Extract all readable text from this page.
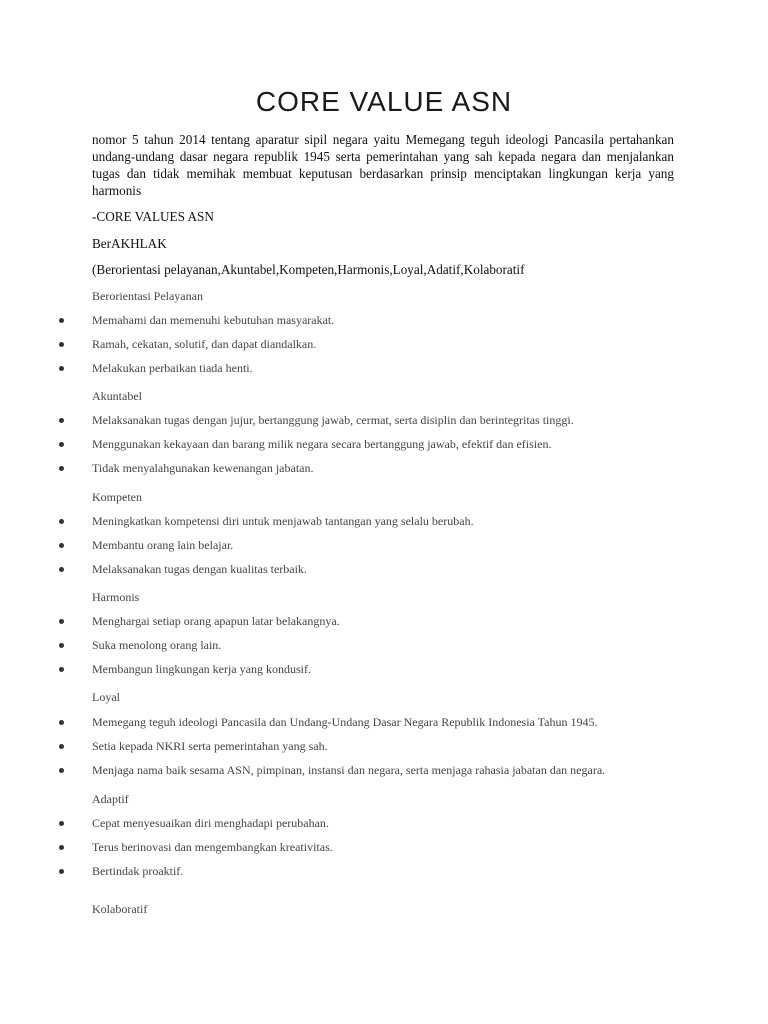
CORE VALUE ASN

nomor 5 tahun 2014 tentang aparatur sipil negara yaitu Memegang teguh ideologi Pancasila pertahankan undang-undang dasar negara republik 1945 serta pemerintahan yang sah kepada negara dan menjalankan tugas dan tidak memihak membuat keputusan berdasarkan prinsip menciptakan lingkungan kerja yang harmonis

-CORE VALUES ASN

BerAKHLAK

(Berorientasi pelayanan,Akuntabel,Kompeten,Harmonis,Loyal,Adatif,Kolaboratif

Berorientasi Pelayanan

Memahami dan memenuhi kebutuhan masyarakat.
Ramah, cekatan, solutif, dan dapat diandalkan.
Melakukan perbaikan tiada henti.

Akuntabel

Melaksanakan tugas dengan jujur, bertanggung jawab, cermat, serta disiplin dan berintegritas tinggi.
Menggunakan kekayaan dan barang milik negara secara bertanggung jawab, efektif dan efisien.
Tidak menyalahgunakan kewenangan jabatan.

Kompeten

Meningkatkan kompetensi diri untuk menjawab tantangan yang selalu berubah.
Membantu orang lain belajar.
Melaksanakan tugas dengan kualitas terbaik.

Harmonis

Menghargai setiap orang apapun latar belakangnya.
Suka menolong orang lain.
Membangun lingkungan kerja yang kondusif.

Loyal

Memegang teguh ideologi Pancasila dan Undang-Undang Dasar Negara Republik Indonesia Tahun 1945.
Setia kepada NKRI serta pemerintahan yang sah.
Menjaga nama baik sesama ASN, pimpinan, instansi dan negara, serta menjaga rahasia jabatan dan negara.

Adaptif

Cepat menyesuaikan diri menghadapi perubahan.
Terus berinovasi dan mengembangkan kreativitas.
Bertindak proaktif.

Kolaboratif
